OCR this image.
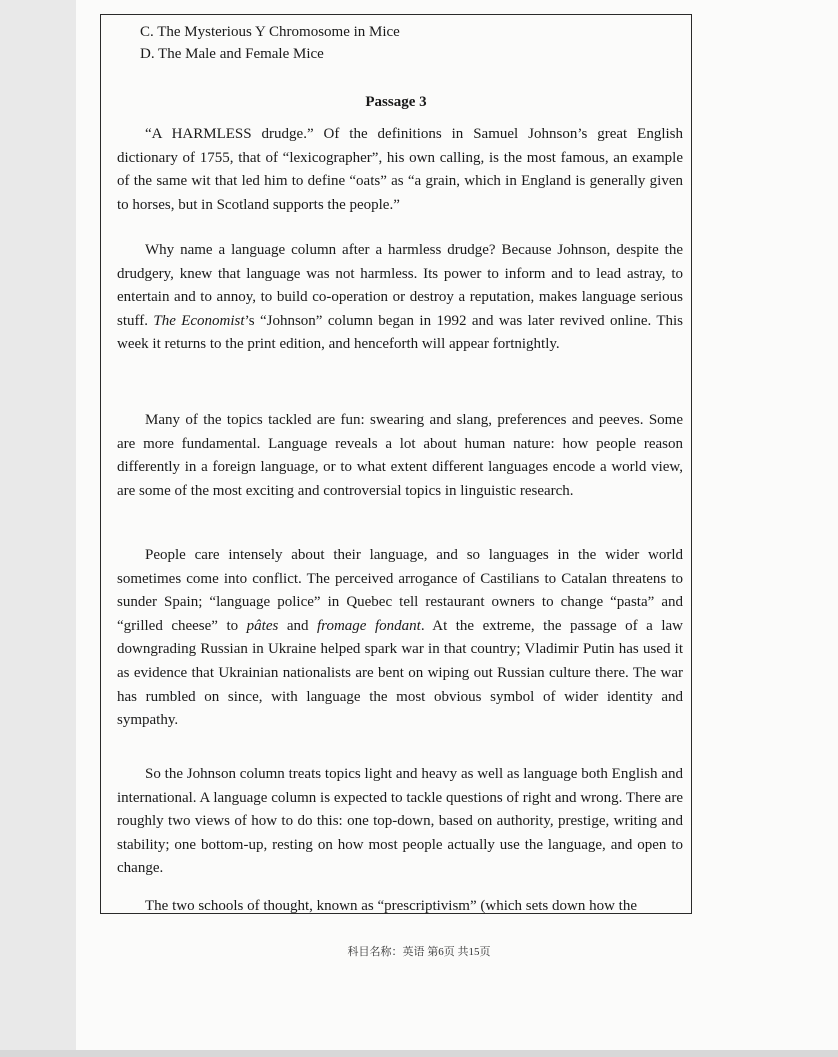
C. The Mysterious Y Chromosome in Mice
D. The Male and Female Mice
Passage 3

“A HARMLESS drudge.” Of the definitions in Samuel Johnson’s great English dictionary of 1755, that of “lexicographer”, his own calling, is the most famous, an example of the same wit that led him to define “oats” as “a grain, which in England is generally given to horses, but in Scotland supports the people.”

Why name a language column after a harmless drudge? Because Johnson, despite the drudgery, knew that language was not harmless. Its power to inform and to lead astray, to entertain and to annoy, to build co-operation or destroy a reputation, makes language serious stuff. The Economist’s “Johnson” column began in 1992 and was later revived online. This week it returns to the print edition, and henceforth will appear fortnightly.

Many of the topics tackled are fun: swearing and slang, preferences and peeves. Some are more fundamental. Language reveals a lot about human nature: how people reason differently in a foreign language, or to what extent different languages encode a world view, are some of the most exciting and controversial topics in linguistic research.

People care intensely about their language, and so languages in the wider world sometimes come into conflict. The perceived arrogance of Castilians to Catalan threatens to sunder Spain; “language police” in Quebec tell restaurant owners to change “pasta” and “grilled cheese” to pâtes and fromage fondant. At the extreme, the passage of a law downgrading Russian in Ukraine helped spark war in that country; Vladimir Putin has used it as evidence that Ukrainian nationalists are bent on wiping out Russian culture there. The war has rumbled on since, with language the most obvious symbol of wider identity and sympathy.

So the Johnson column treats topics light and heavy as well as language both English and international. A language column is expected to tackle questions of right and wrong. There are roughly two views of how to do this: one top-down, based on authority, prestige, writing and stability; one bottom-up, resting on how most people actually use the language, and open to change.

The two schools of thought, known as “prescriptivism” (which sets down how the

科目名称：英语 第6页 共15页
